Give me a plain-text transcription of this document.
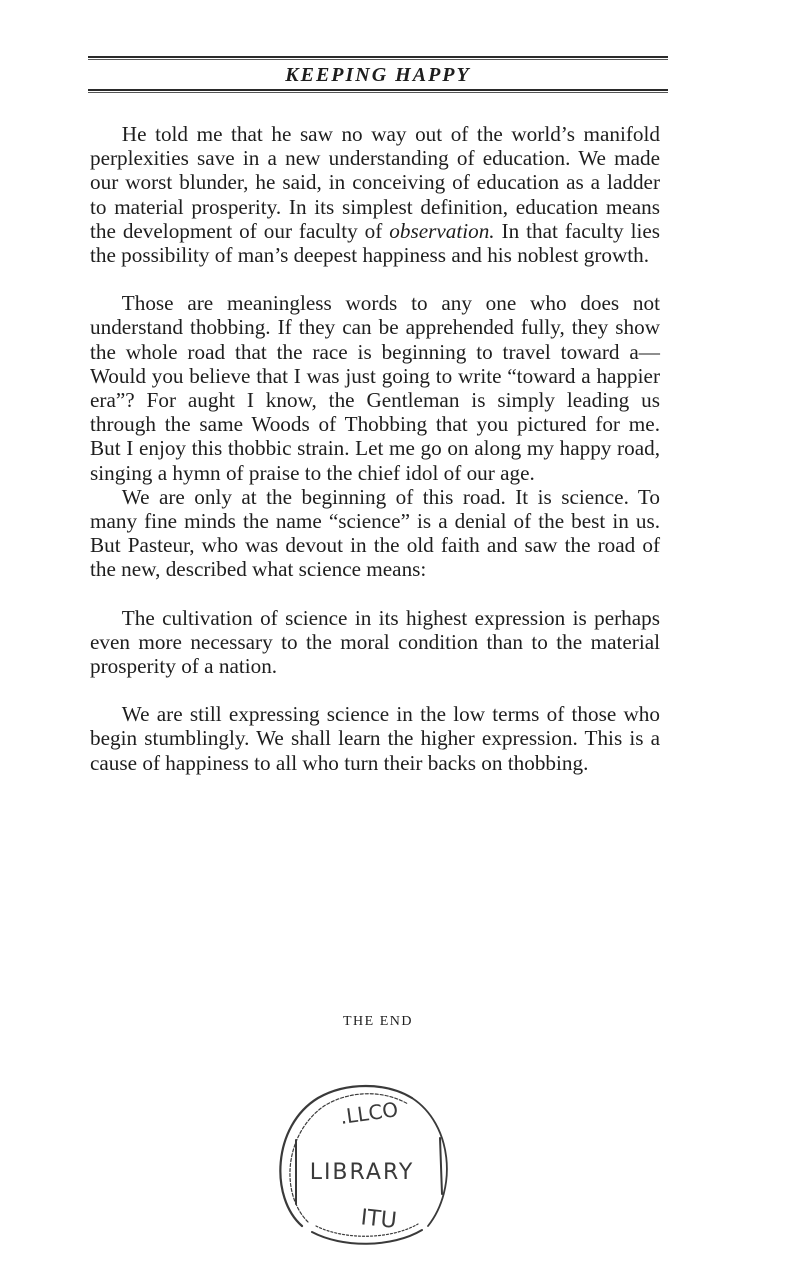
KEEPING HAPPY

He told me that he saw no way out of the world’s manifold perplexities save in a new understanding of education. We made our worst blunder, he said, in conceiving of education as a ladder to material prosperity. In its simplest definition, education means the development of our faculty of observation. In that faculty lies the possibility of man’s deepest happiness and his noblest growth.

Those are meaningless words to any one who does not understand thobbing. If they can be apprehended fully, they show the whole road that the race is beginning to travel toward a— Would you believe that I was just going to write “toward a happier era”? For aught I know, the Gentleman is simply leading us through the same Woods of Thobbing that you pictured for me. But I enjoy this thobbic strain. Let me go on along my happy road, singing a hymn of praise to the chief idol of our age.

We are only at the beginning of this road. It is science. To many fine minds the name “science” is a denial of the best in us. But Pasteur, who was devout in the old faith and saw the road of the new, described what science means:

The cultivation of science in its highest expression is perhaps even more necessary to the moral condition than to the material prosperity of a nation.

We are still expressing science in the low terms of those who begin stumblingly. We shall learn the higher expression. This is a cause of happiness to all who turn their backs on thobbing.

THE END
.LLCO
LIBRARY
ITU
